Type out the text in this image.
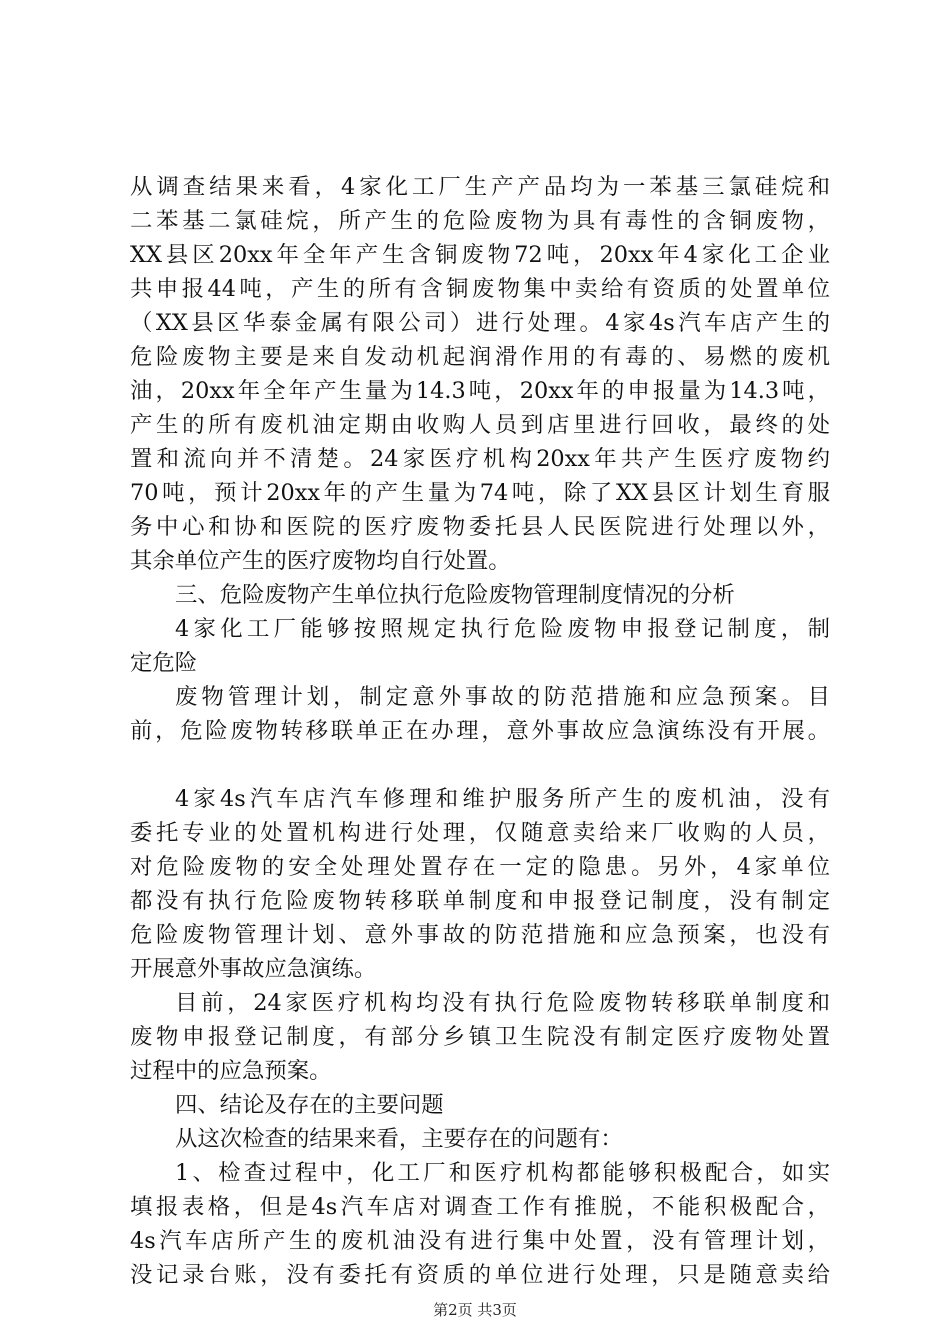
从调查结果来看，4家化工厂生产产品均为一苯基三氯硅烷和
二苯基二氯硅烷，所产生的危险废物为具有毒性的含铜废物，
XX县区20xx年全年产生含铜废物72吨，20xx年4家化工企业
共申报44吨，产生的所有含铜废物集中卖给有资质的处置单位
（XX县区华泰金属有限公司）进行处理。4家4s汽车店产生的
危险废物主要是来自发动机起润滑作用的有毒的、易燃的废机
油，20xx年全年产生量为14.3吨，20xx年的申报量为14.3吨，
产生的所有废机油定期由收购人员到店里进行回收，最终的处
置和流向并不清楚。24家医疗机构20xx年共产生医疗废物约
70吨，预计20xx年的产生量为74吨，除了XX县区计划生育服
务中心和协和医院的医疗废物委托县人民医院进行处理以外，
其余单位产生的医疗废物均自行处置。
三、危险废物产生单位执行危险废物管理制度情况的分析
4家化工厂能够按照规定执行危险废物申报登记制度，制
定危险
废物管理计划，制定意外事故的防范措施和应急预案。目
前，危险废物转移联单正在办理，意外事故应急演练没有开展。
4家4s汽车店汽车修理和维护服务所产生的废机油，没有
委托专业的处置机构进行处理，仅随意卖给来厂收购的人员，
对危险废物的安全处理处置存在一定的隐患。另外，4家单位
都没有执行危险废物转移联单制度和申报登记制度，没有制定
危险废物管理计划、意外事故的防范措施和应急预案，也没有
开展意外事故应急演练。
目前，24家医疗机构均没有执行危险废物转移联单制度和
废物申报登记制度，有部分乡镇卫生院没有制定医疗废物处置
过程中的应急预案。
四、结论及存在的主要问题
从这次检查的结果来看，主要存在的问题有：
1、检查过程中，化工厂和医疗机构都能够积极配合，如实
填报表格，但是4s汽车店对调查工作有推脱，不能积极配合，
4s汽车店所产生的废机油没有进行集中处置，没有管理计划，
没记录台账，没有委托有资质的单位进行处理，只是随意卖给
第2页 共3页
